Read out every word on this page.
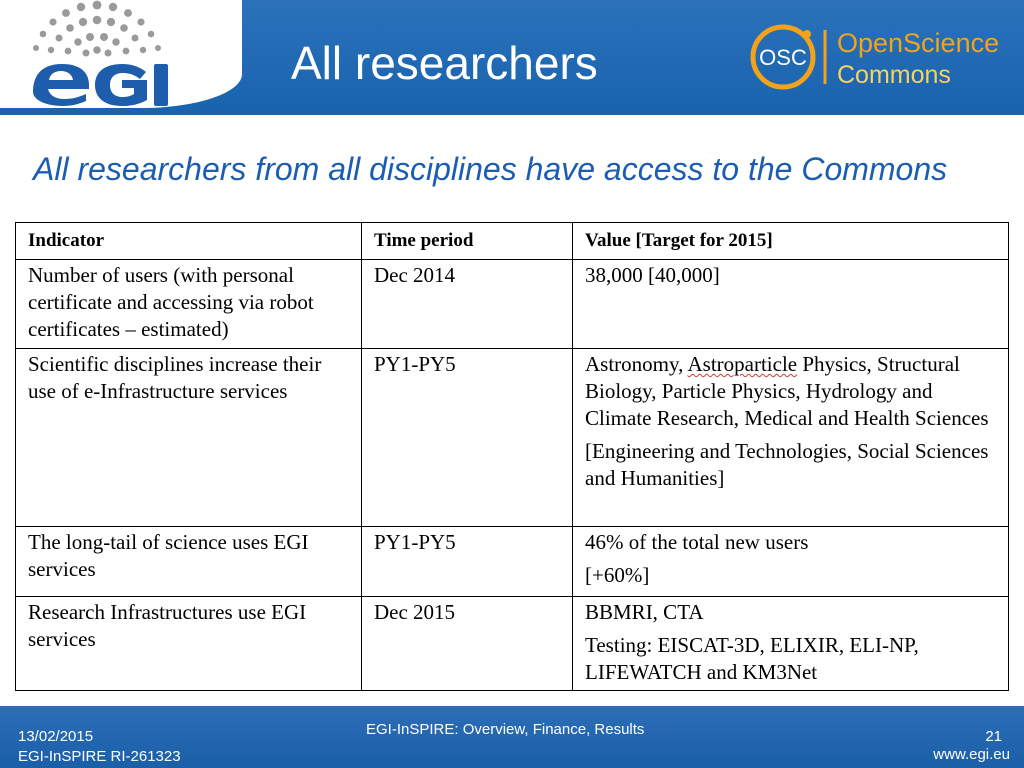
All researchers	OSC OpenScience
Commons
All researchers from all disciplines have access to the Commons
Indicator	Time period	Value [Target for 2015]
Number of users (with personal certificate and accessing via robot certificates – estimated)	Dec 2014	38,000 [40,000]
Scientific disciplines increase their use of e-Infrastructure services	PY1-PY5	Astronomy, Astroparticle Physics, Structural Biology, Particle Physics, Hydrology and Climate Research, Medical and Health Sciences
[Engineering and Technologies, Social Sciences and Humanities]

The long-tail of science uses EGI services	PY1-PY5	46% of the total new users
[+60%]

Research Infrastructures use EGI services	Dec 2015	BBMRI, CTA
Testing: EISCAT-3D, ELIXIR, ELI-NP, LIFEWATCH and KM3Net
13/02/2015
EGI-InSPIRE RI-261323
EGI-InSPIRE: Overview, Finance, Results	21
www.egi.eu
